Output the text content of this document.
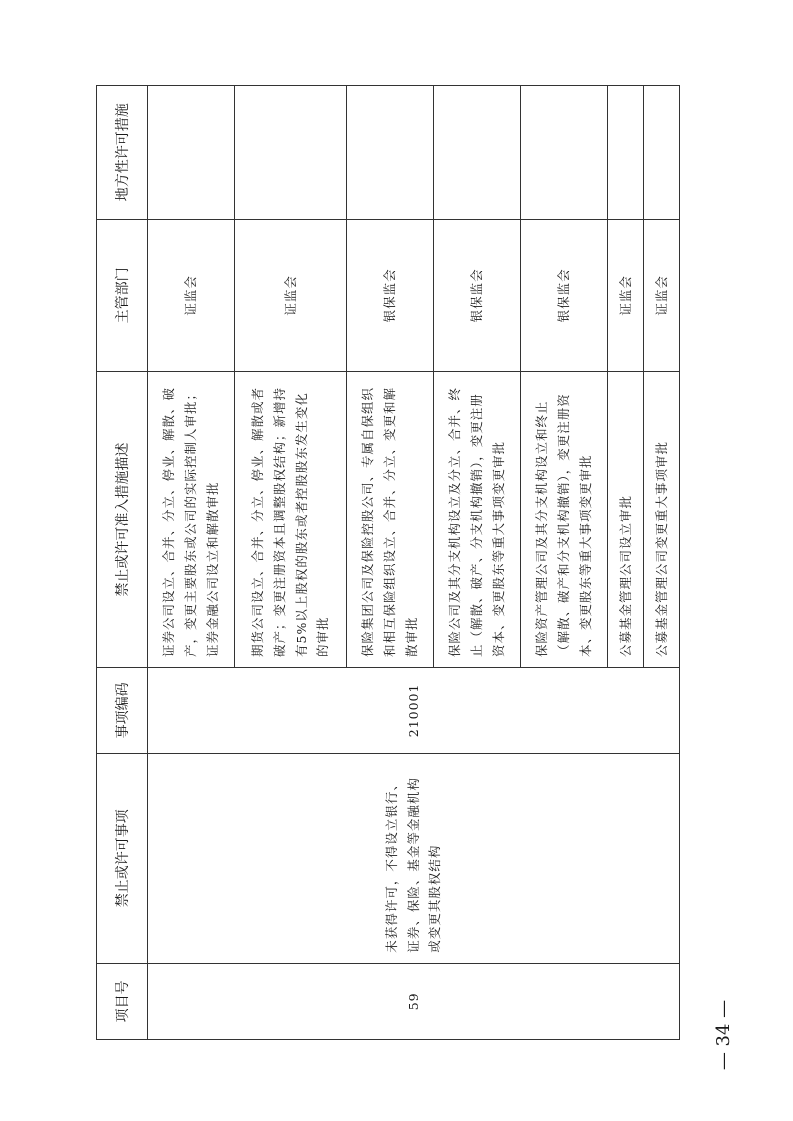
项目号	禁止或许可事项	事项编码	禁止或许可准入措施描述	主管部门	地方性许可措施
59	未获得许可，不得设立银行、证券、保险、基金等金融机构或变更其股权结构	210001	证券公司设立、合并、分立、停业、解散、破产，变更主要股东或公司的实际控制人审批；证券金融公司设立和解散审批	证监会	
			期货公司设立、合并、分立、停业、解散或者破产；变更注册资本且调整股权结构；新增持有5%以上股权的股东或者控股股东发生变化的审批	证监会	
			保险集团公司及保险控股公司、专属自保组织和相互保险组织设立、合并、分立、变更和解散审批	银保监会	
			保险公司及其分支机构设立及分立、合并、终止（解散、破产、分支机构撤销），变更注册资本、变更股东等重大事项变更审批	银保监会	
			保险资产管理公司及其分支机构设立和终止（解散、破产和分支机构撤销），变更注册资本、变更股东等重大事项变更审批	银保监会	
			公募基金管理公司设立审批	证监会	
			公募基金管理公司变更重大事项审批	证监会	
— 34 —
